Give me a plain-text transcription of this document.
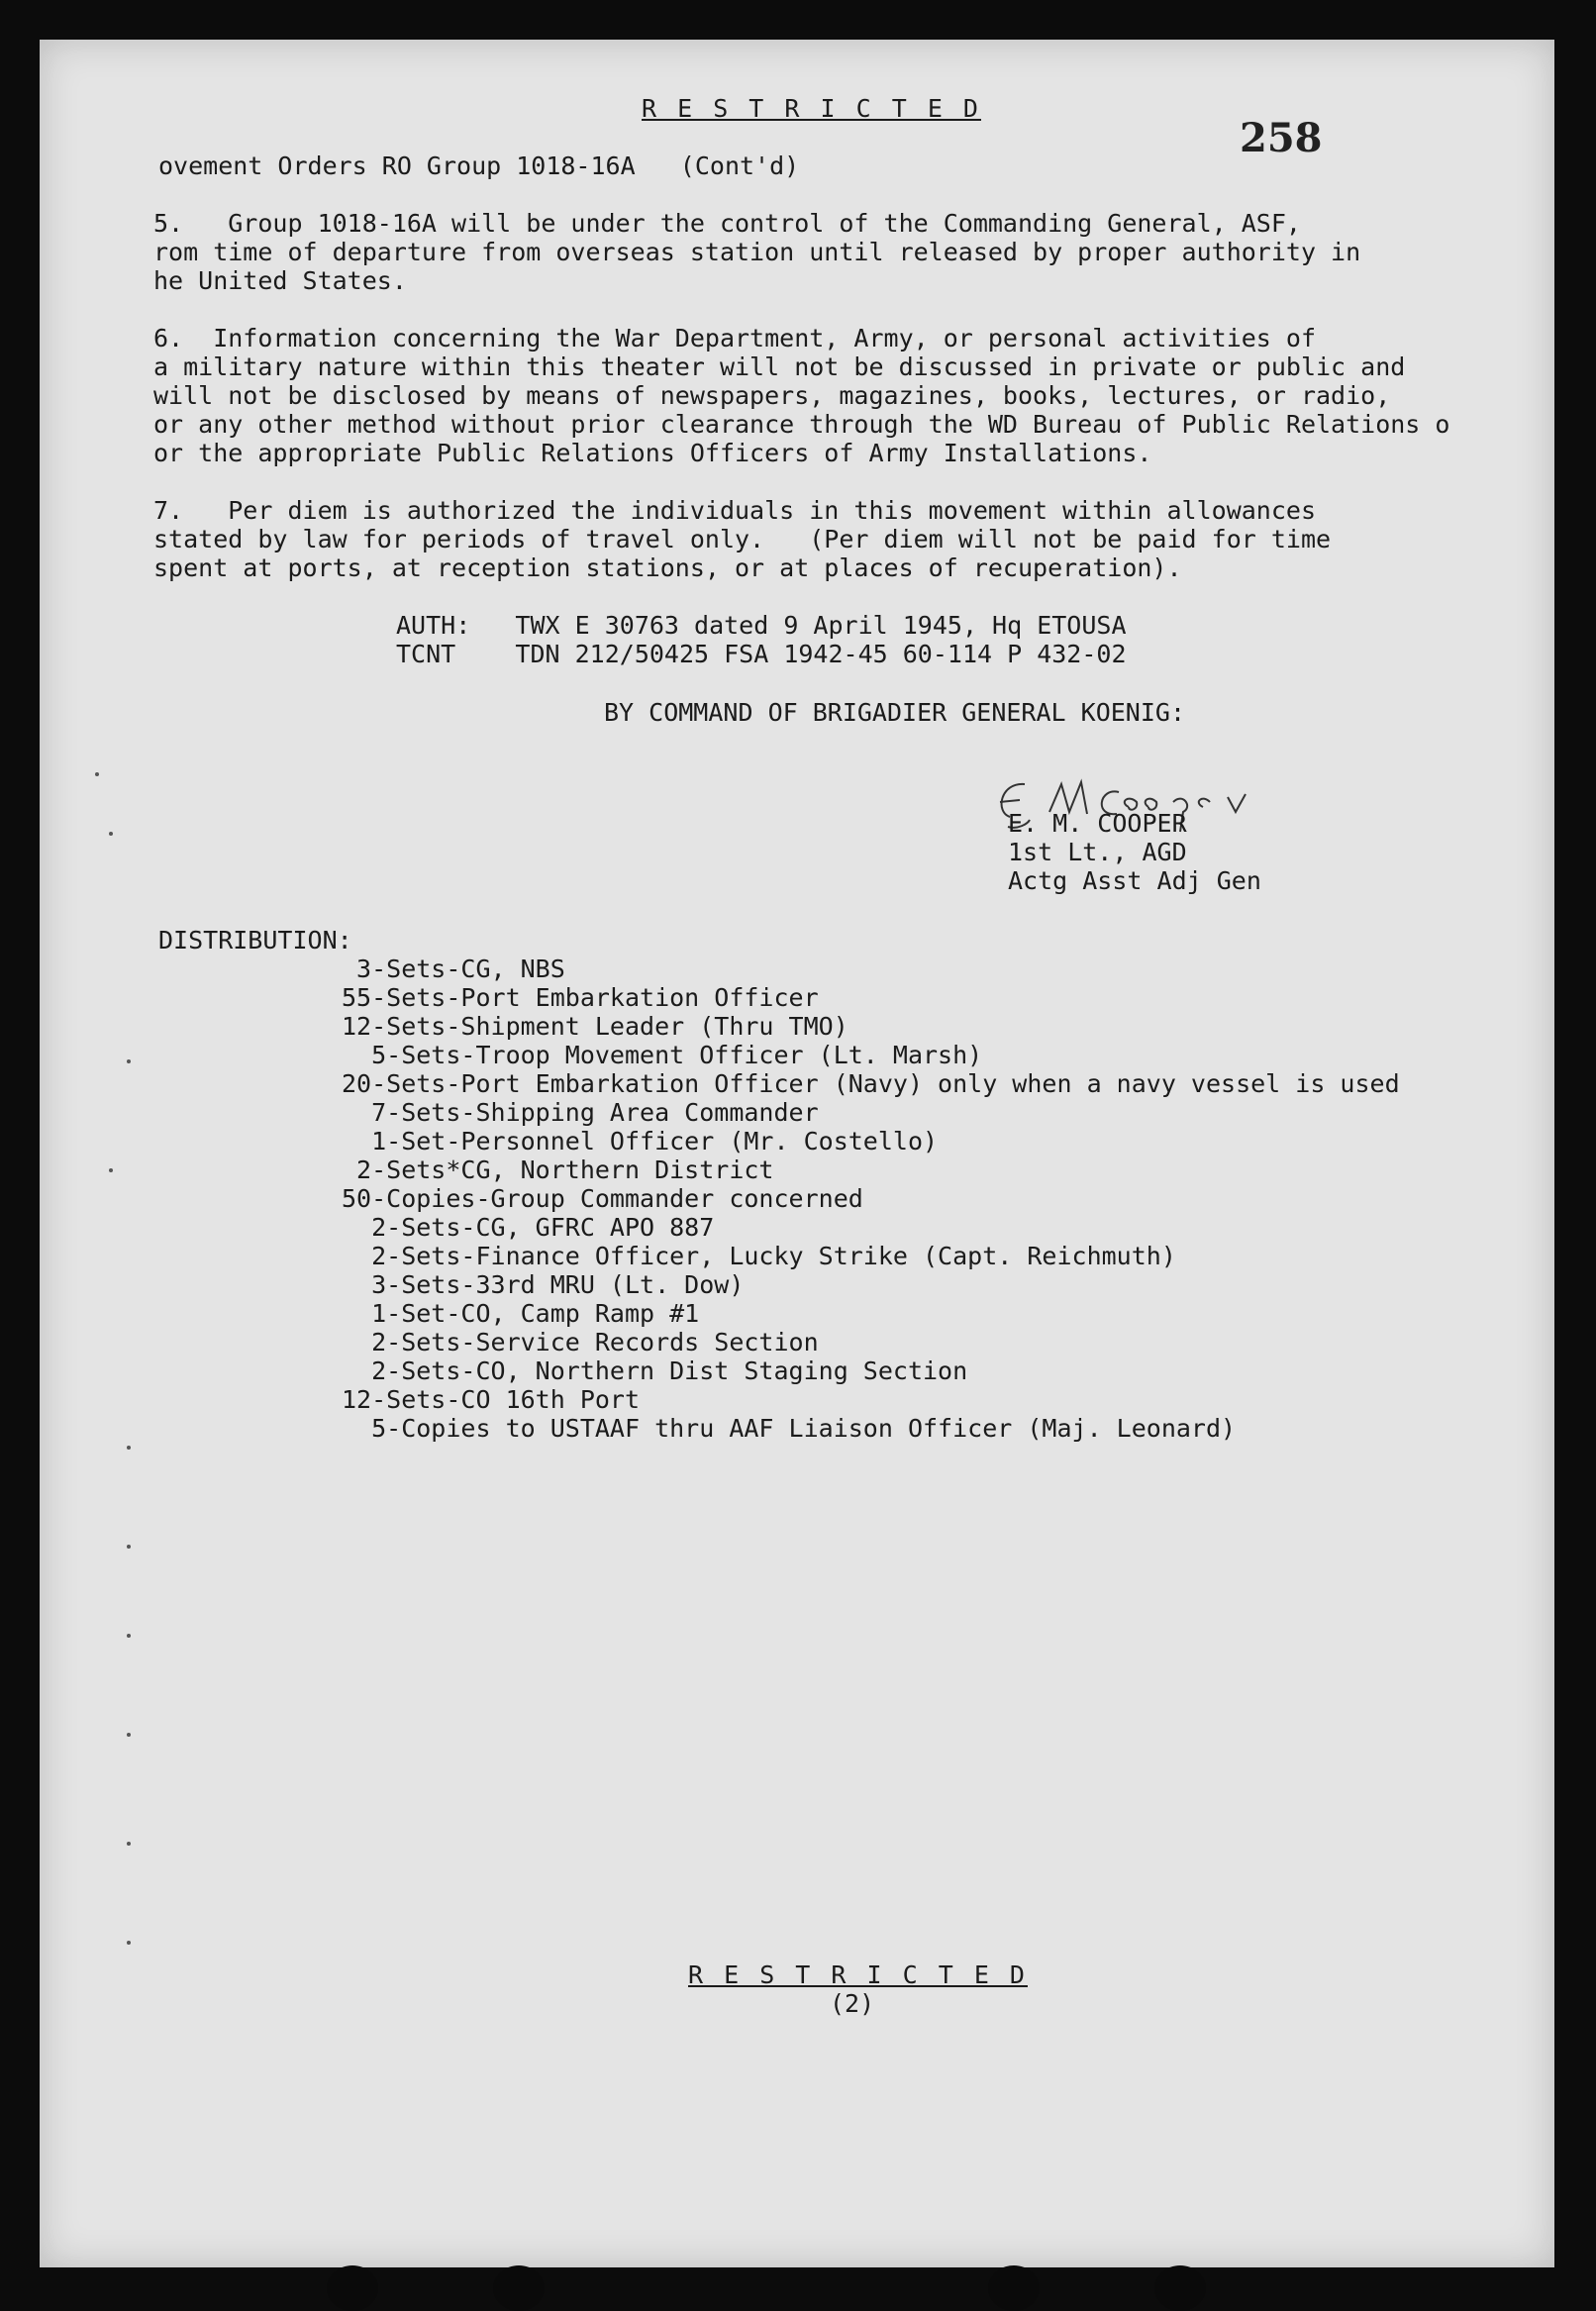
R E S T R I C T E D
258
ovement Orders RO Group 1018-16A   (Cont'd)
5.   Group 1018-16A will be under the control of the Commanding General, ASF,
rom time of departure from overseas station until released by proper authority in
he United States.
6.  Information concerning the War Department, Army, or personal activities of
a military nature within this theater will not be discussed in private or public and
will not be disclosed by means of newspapers, magazines, books, lectures, or radio,
or any other method without prior clearance through the WD Bureau of Public Relations o
or the appropriate Public Relations Officers of Army Installations.
7.   Per diem is authorized the individuals in this movement within allowances
stated by law for periods of travel only.   (Per diem will not be paid for time
spent at ports, at reception stations, or at places of recuperation).
AUTH:   TWX E 30763 dated 9 April 1945, Hq ETOUSA
TCNT    TDN 212/50425 FSA 1942-45 60-114 P 432-02
BY COMMAND OF BRIGADIER GENERAL KOENIG:
E. M. COOPER
1st Lt., AGD
Actg Asst Adj Gen
DISTRIBUTION:
3-Sets-CG, NBS
55-Sets-Port Embarkation Officer
12-Sets-Shipment Leader (Thru TMO)
5-Sets-Troop Movement Officer (Lt. Marsh)
20-Sets-Port Embarkation Officer (Navy) only when a navy vessel is used
7-Sets-Shipping Area Commander
1-Set-Personnel Officer (Mr. Costello)
2-Sets*CG, Northern District
50-Copies-Group Commander concerned
2-Sets-CG, GFRC APO 887
2-Sets-Finance Officer, Lucky Strike (Capt. Reichmuth)
3-Sets-33rd MRU (Lt. Dow)
1-Set-CO, Camp Ramp #1
2-Sets-Service Records Section
2-Sets-CO, Northern Dist Staging Section
12-Sets-CO 16th Port
5-Copies to USTAAF thru AAF Liaison Officer (Maj. Leonard)
R E S T R I C T E D
(2)
